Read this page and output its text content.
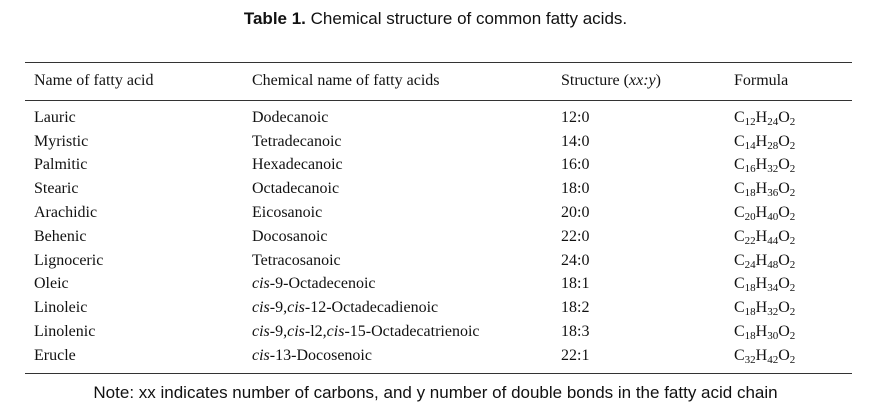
Table 1. Chemical structure of common fatty acids.
Name of fatty acid	Chemical name of fatty acids	Structure (xx:y)	Formula
Lauric	Dodecanoic	12:0	$C_{12}H_{24}O_2$
Myristic	Tetradecanoic	14:0	$C_{14}H_{28}O_2$
Palmitic	Hexadecanoic	16:0	$C_{16}H_{32}O_2$
Stearic	Octadecanoic	18:0	$C_{18}H_{36}O_2$
Arachidic	Eicosanoic	20:0	$C_{20}H_{40}O_2$
Behenic	Docosanoic	22:0	$C_{22}H_{44}O_2$
Lignoceric	Tetracosanoic	24:0	$C_{24}H_{48}O_2$
Oleic	cis-9-Octadecenoic	18:1	$C_{18}H_{34}O_2$
Linoleic	cis-9,cis-12-Octadecadienoic	18:2	$C_{18}H_{32}O_2$
Linolenic	cis-9,cis-l2,cis-15-Octadecatrienoic	18:3	$C_{18}H_{30}O_2$
Erucle	cis-13-Docosenoic	22:1	$C_{32}H_{42}O_2$
Note: xx indicates number of carbons, and y number of double bonds in the fatty acid chain
